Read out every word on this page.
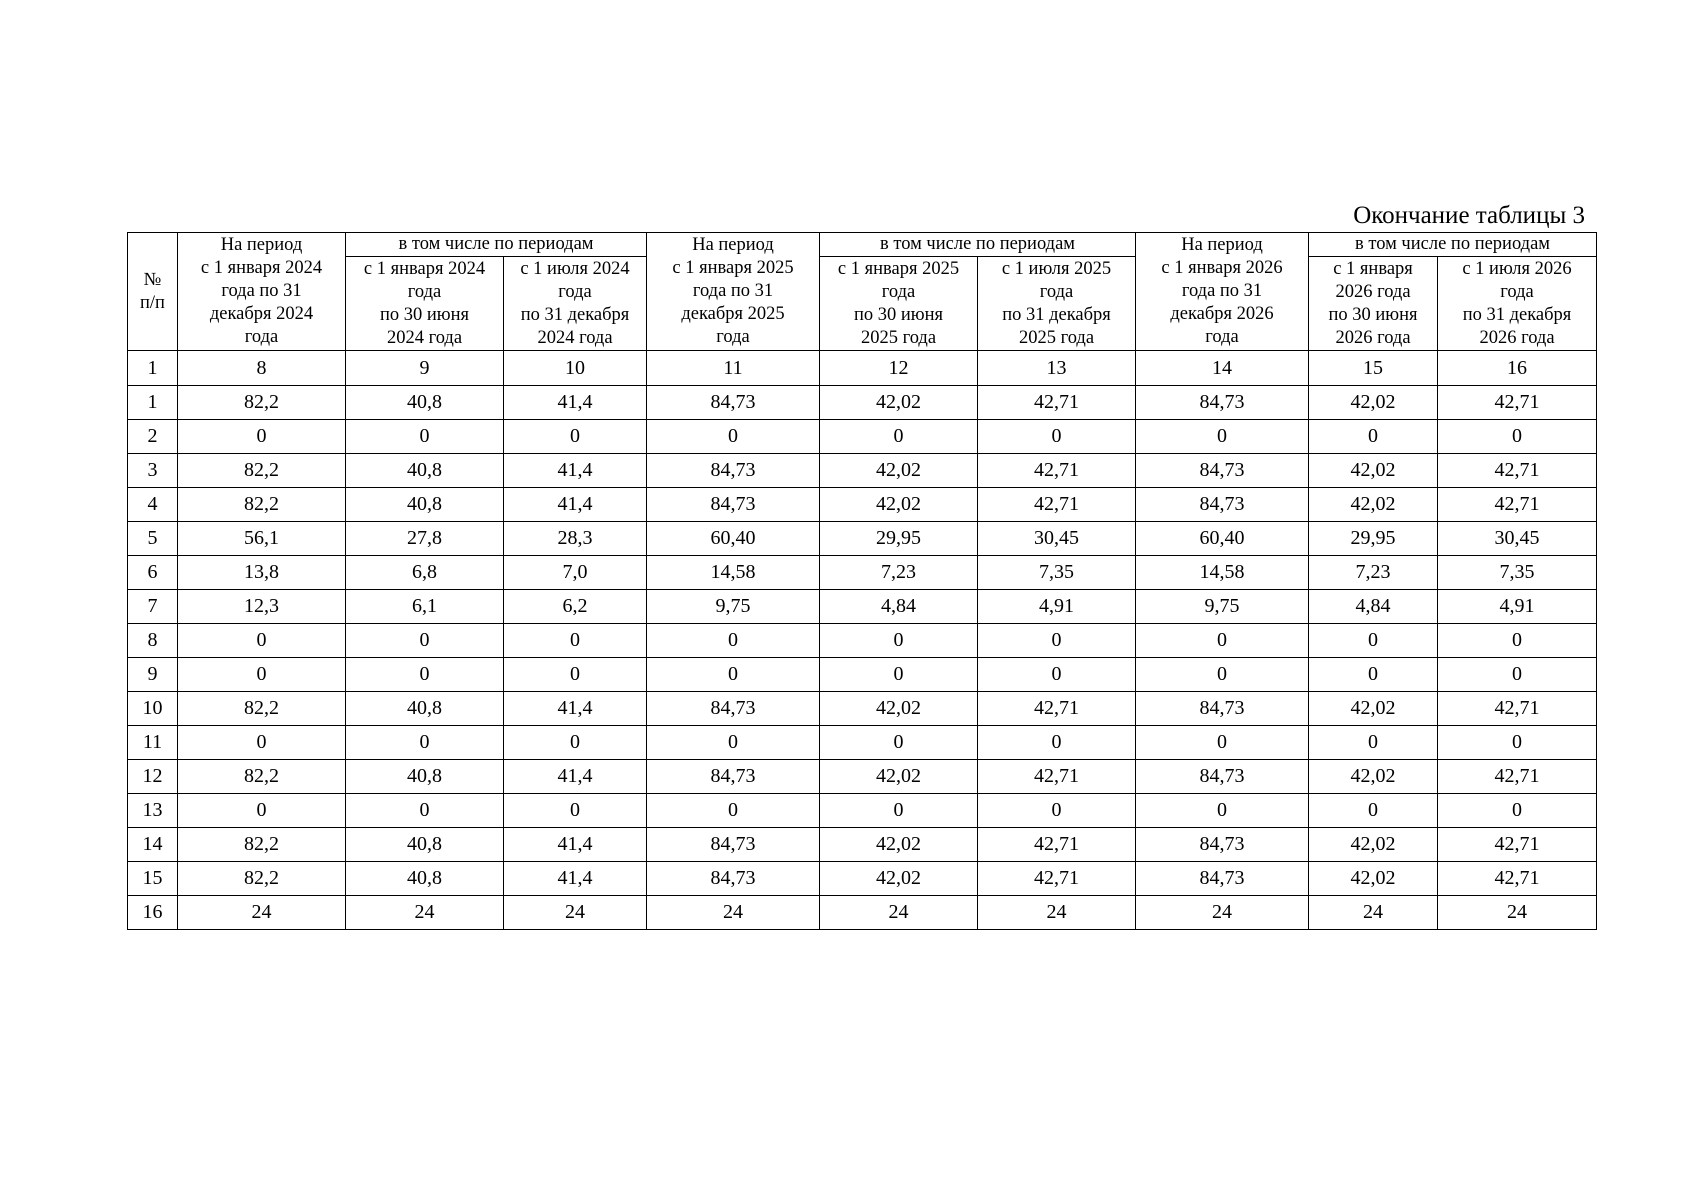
Окончание таблицы 3
№
п/п	На период
с 1 января 2024
года по 31
декабря 2024
года	в том числе по периодам		На период
с 1 января 2025
года по 31
декабря 2025
года	в том числе по периодам		На период
с 1 января 2026
года по 31
декабря 2026
года	в том числе по периодам	
		с 1 января 2024
года
по 30 июня
2024 года	с 1 июля 2024
года
по 31 декабря
2024 года		с 1 января 2025
года
по 30 июня
2025 года	с 1 июля 2025
года
по 31 декабря
2025 года		с 1 января
2026 года
по 30 июня
2026 года	с 1 июля 2026
года
по 31 декабря
2026 года
1	8	9	10	11	12	13	14	15	16
1	82,2	40,8	41,4	84,73	42,02	42,71	84,73	42,02	42,71
2	0	0	0	0	0	0	0	0	0
3	82,2	40,8	41,4	84,73	42,02	42,71	84,73	42,02	42,71
4	82,2	40,8	41,4	84,73	42,02	42,71	84,73	42,02	42,71
5	56,1	27,8	28,3	60,40	29,95	30,45	60,40	29,95	30,45
6	13,8	6,8	7,0	14,58	7,23	7,35	14,58	7,23	7,35
7	12,3	6,1	6,2	9,75	4,84	4,91	9,75	4,84	4,91
8	0	0	0	0	0	0	0	0	0
9	0	0	0	0	0	0	0	0	0
10	82,2	40,8	41,4	84,73	42,02	42,71	84,73	42,02	42,71
11	0	0	0	0	0	0	0	0	0
12	82,2	40,8	41,4	84,73	42,02	42,71	84,73	42,02	42,71
13	0	0	0	0	0	0	0	0	0
14	82,2	40,8	41,4	84,73	42,02	42,71	84,73	42,02	42,71
15	82,2	40,8	41,4	84,73	42,02	42,71	84,73	42,02	42,71
16	24	24	24	24	24	24	24	24	24
